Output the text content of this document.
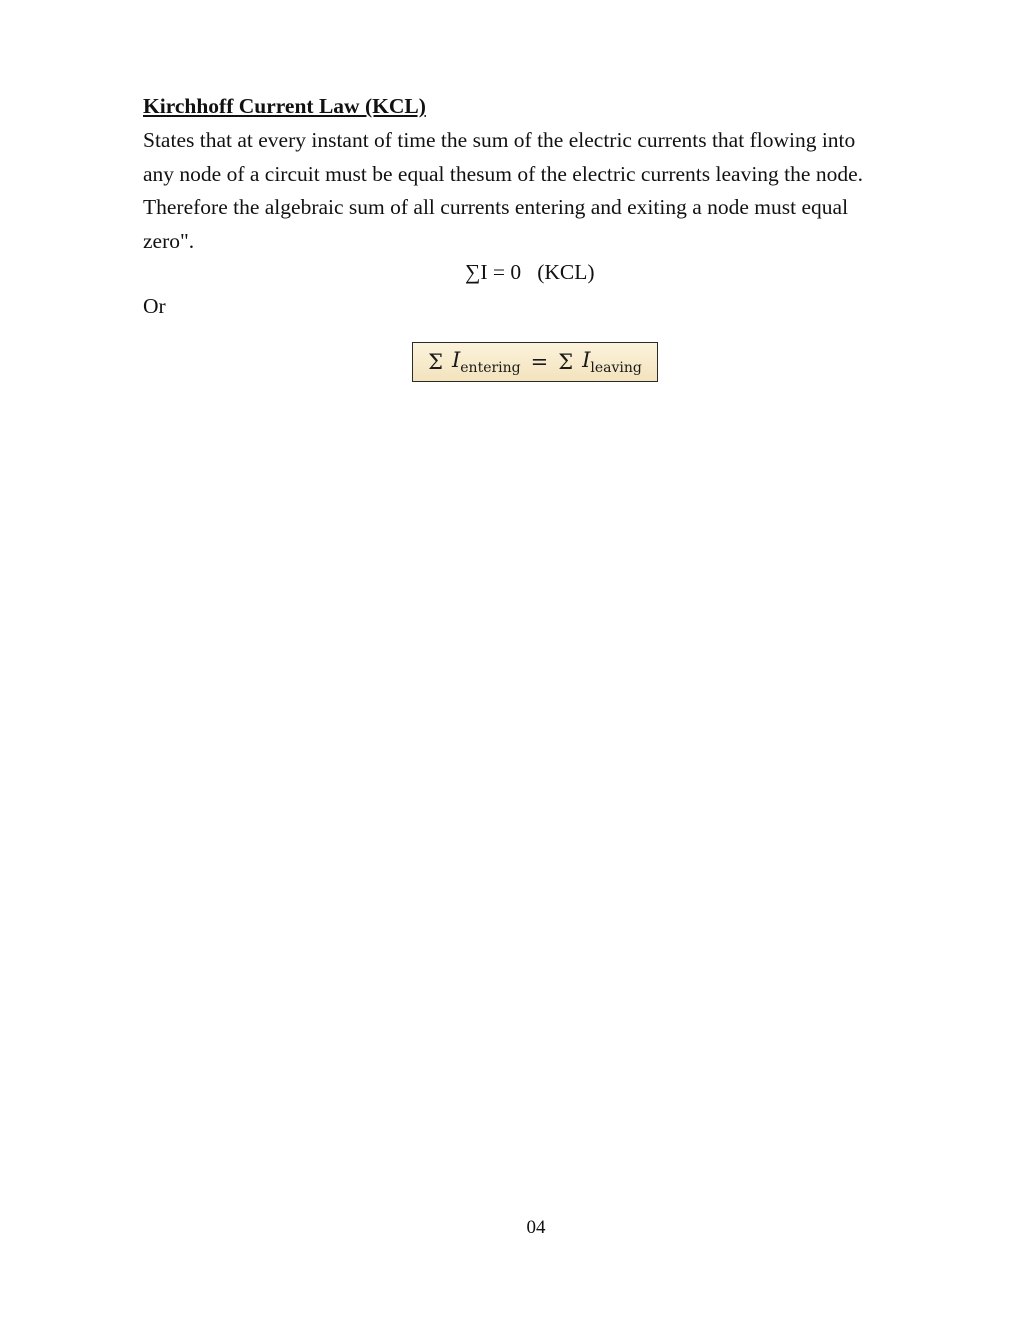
Kirchhoff Current Law (KCL)
States that at every instant of time the sum of the electric currents that flowing into
any node of a circuit must be equal thesum of the electric currents leaving the node.
Therefore the algebraic sum of all currents entering and exiting a node must equal
zero".
∑I = 0   (KCL)
Or
Σ $I_{entering} = \Sigma$ $I_{leaving}$
04
